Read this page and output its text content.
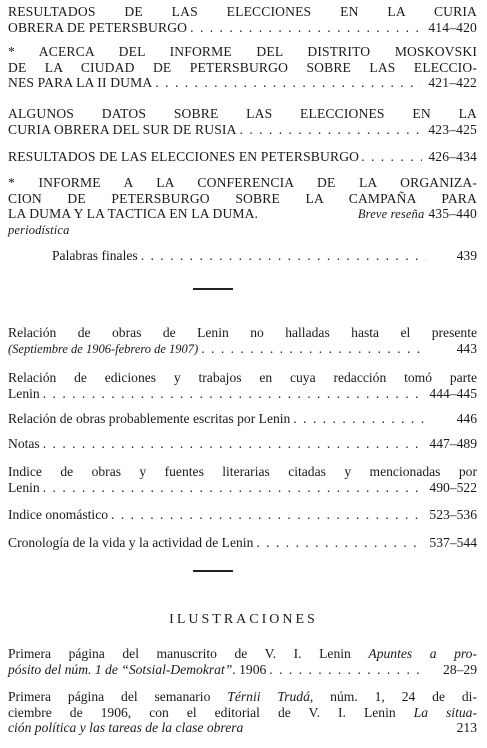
RESULTADOS DE LAS ELECCIONES EN LA CURIA
OBRERA DE PETERSBURGO . . .	414–420
* ACERCA DEL INFORME DEL DISTRITO MOSKOVSKI
DE LA CIUDAD DE PETERSBURGO SOBRE LAS ELECCIO-
NES PARA LA II DUMA . . .	421–422
ALGUNOS DATOS SOBRE LAS ELECCIONES EN LA
CURIA OBRERA DEL SUR DE RUSIA . . .	423–425
RESULTADOS DE LAS ELECCIONES EN PETERSBURGO . . .	426–434
* INFORME A LA CONFERENCIA DE LA ORGANIZA-
CION DE PETERSBURGO SOBRE LA CAMPAÑA PARA
LA DUMA Y LA TACTICA EN LA DUMA.	Breve reseña 435–440
periodística
Palabras finales . . .	439
Relación de obras de Lenin no halladas hasta el presente
(Septiembre de 1906-febrero de 1907) . . .	443
Relación de ediciones y trabajos en cuya redacción tomó parte
Lenin . . .	444–445
Relación de obras probablemente escritas por Lenin . . .	446
Notas . . .	447–489
Indice de obras y fuentes literarias citadas y mencionadas por
Lenin . . .	490–522
Indice onomástico . . .	523–536
Cronología de la vida y la actividad de Lenin . . .	537–544
ILUSTRACIONES
Primera página del manuscrito de V. I. Lenin Apuntes a pro-
pósito del núm. 1 de “Sotsial-Demokrat”. 1906 . . .	28–29
Primera página del semanario Térnii Trudá, núm. 1, 24 de di-
ciembre de 1906, con el editorial de V. I. Lenin La situa-
ción política y las tareas de la clase obrera	213
